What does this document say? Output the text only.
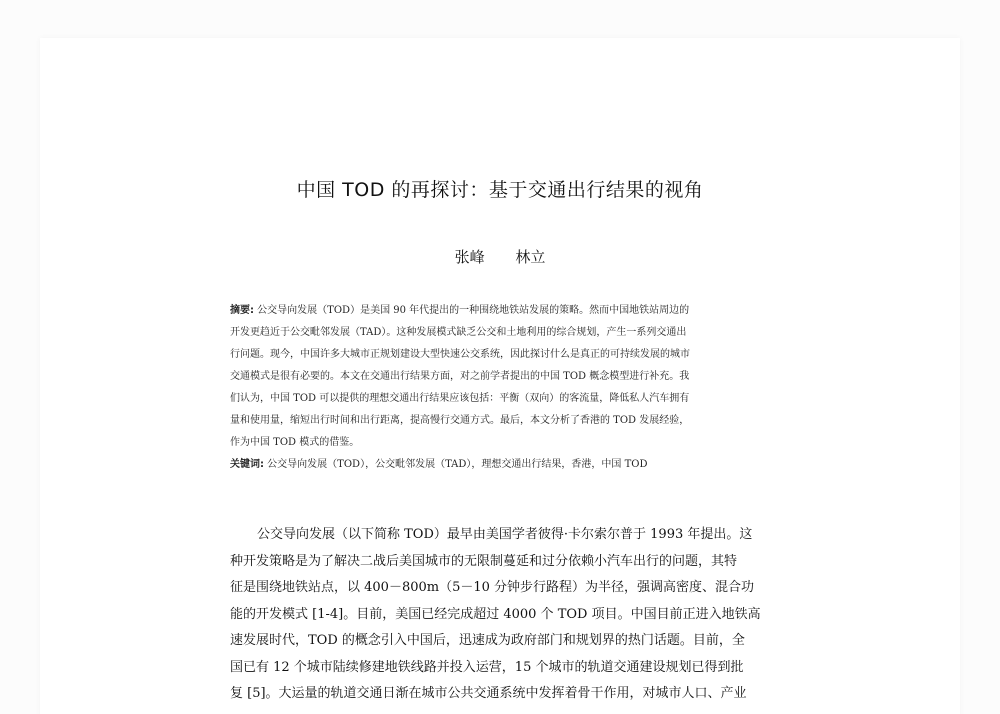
中国 TOD 的再探讨：基于交通出行结果的视角
张峰 林立
摘要: 公交导向发展（TOD）是美国 90 年代提出的一种围绕地铁站发展的策略。然而中国地铁站周边的
开发更趋近于公交毗邻发展（TAD）。这种发展模式缺乏公交和土地利用的综合规划，产生一系列交通出
行问题。现今，中国许多大城市正规划建设大型快速公交系统，因此探讨什么是真正的可持续发展的城市
交通模式是很有必要的。本文在交通出行结果方面，对之前学者提出的中国 TOD 概念模型进行补充。我
们认为，中国 TOD 可以提供的理想交通出行结果应该包括：平衡（双向）的客流量，降低私人汽车拥有
量和使用量，缩短出行时间和出行距离，提高慢行交通方式。最后，本文分析了香港的 TOD 发展经验，
作为中国 TOD 模式的借鉴。
关键词: 公交导向发展（TOD），公交毗邻发展（TAD），理想交通出行结果，香港，中国 TOD
公交导向发展（以下简称 TOD）最早由美国学者彼得·卡尔索尔普于 1993 年提出。这
种开发策略是为了解决二战后美国城市的无限制蔓延和过分依赖小汽车出行的问题，其特
征是围绕地铁站点，以 400－800m（5－10 分钟步行路程）为半径，强调高密度、混合功
能的开发模式 [1-4]。目前，美国已经完成超过 4000 个 TOD 项目。中国目前正进入地铁高
速发展时代，TOD 的概念引入中国后，迅速成为政府部门和规划界的热门话题。目前，全
国已有 12 个城市陆续修建地铁线路并投入运营，15 个城市的轨道交通建设规划已得到批
复 [5]。大运量的轨道交通日渐在城市公共交通系统中发挥着骨干作用，对城市人口、产业
